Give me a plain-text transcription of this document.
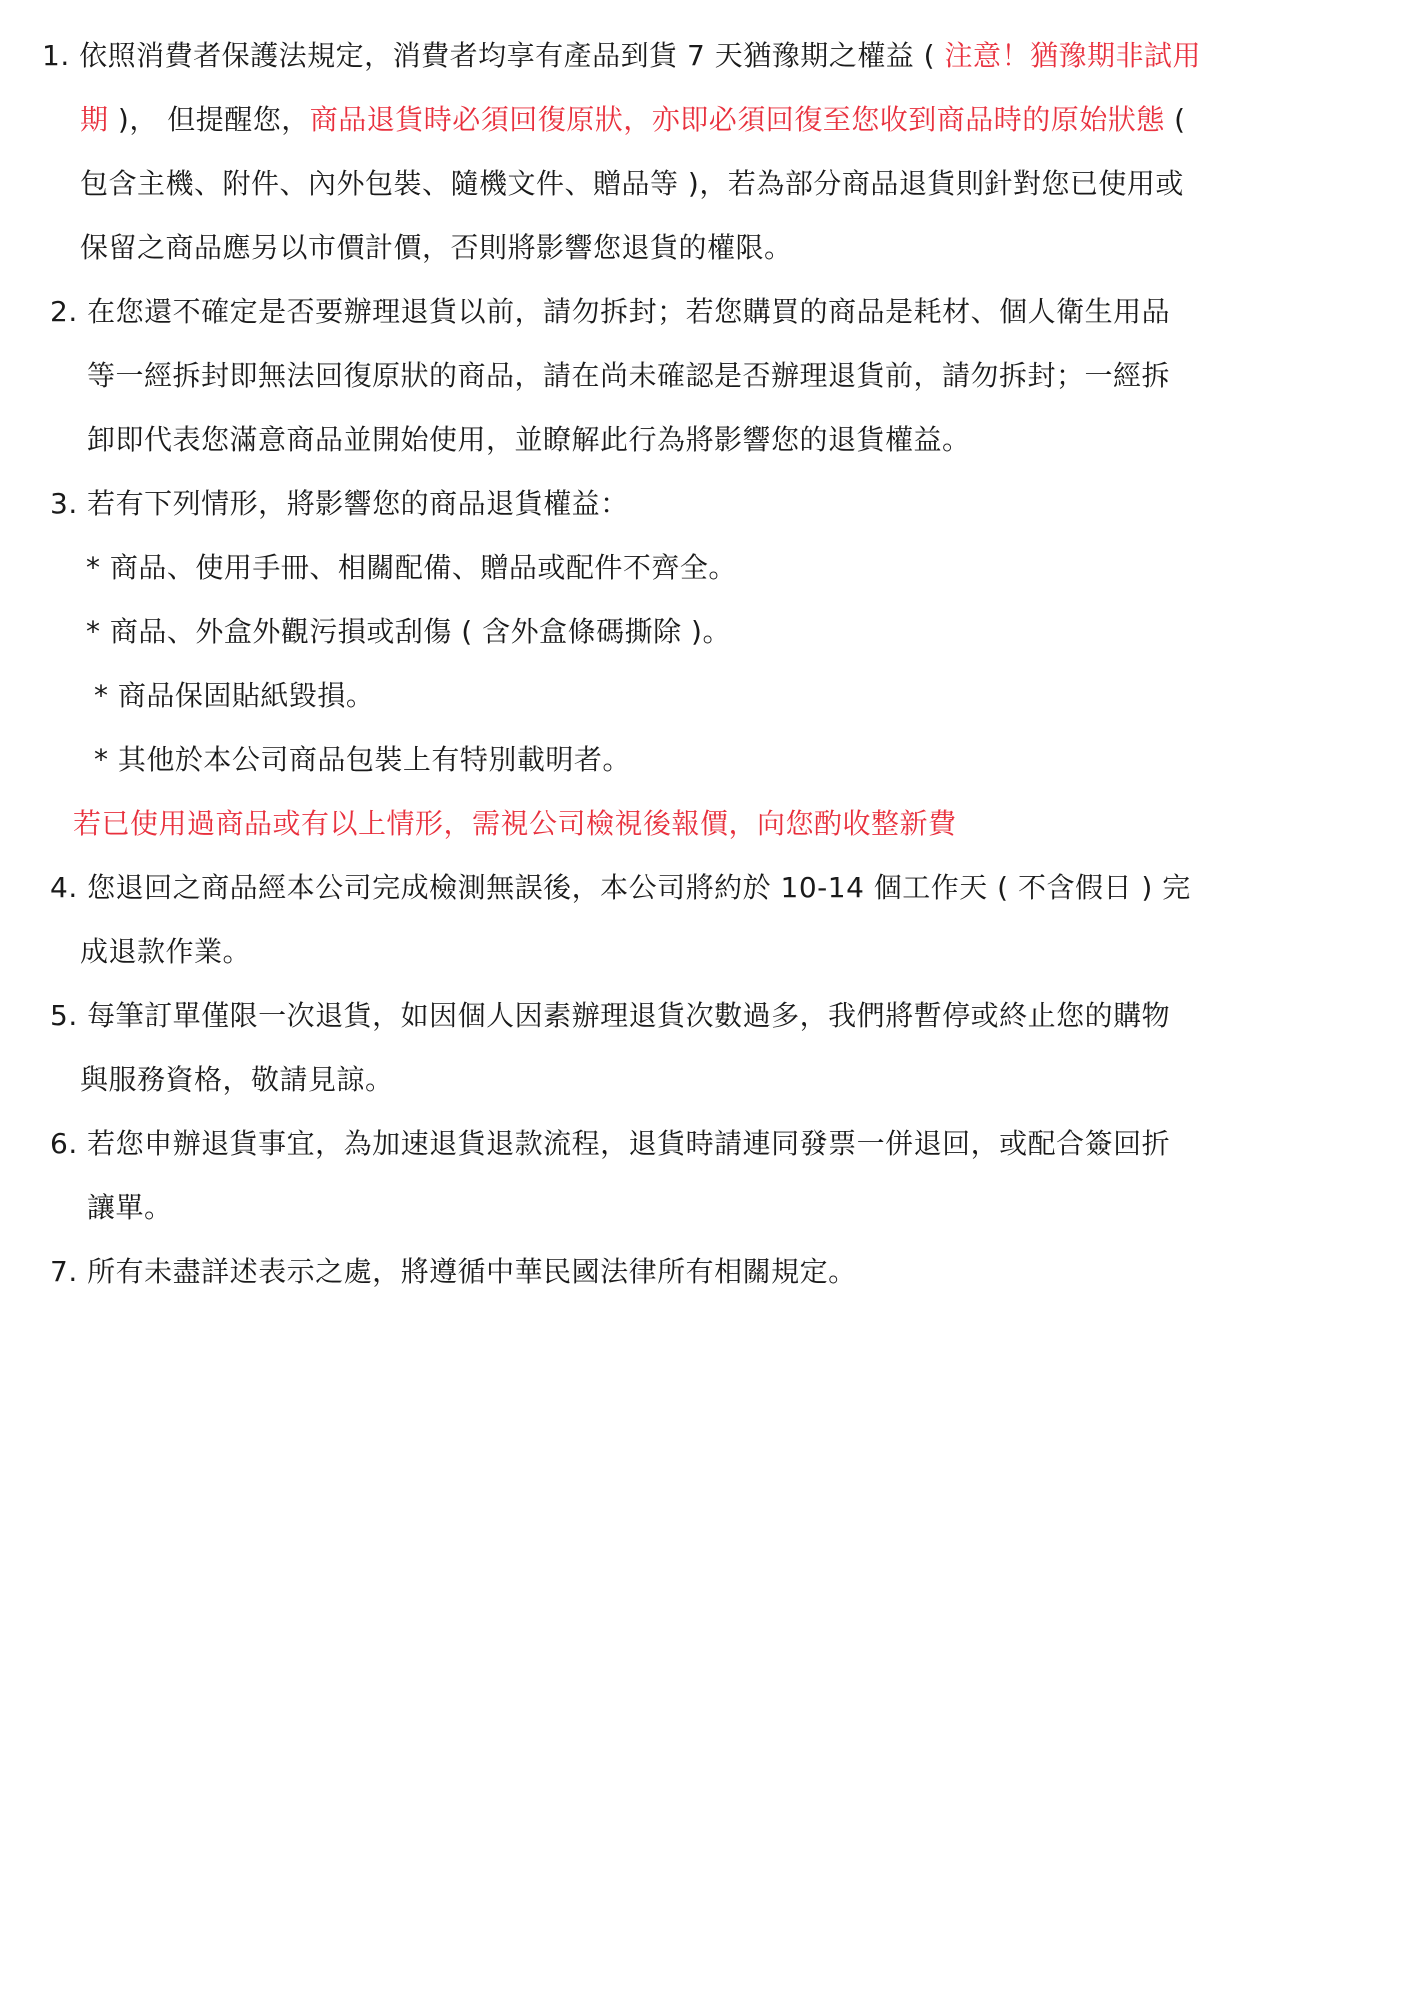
1. 依照消費者保護法規定，消費者均享有產品到貨 7 天猶豫期之權益 ( 注意！猶豫期非試用
期 )， 但提醒您，商品退貨時必須回復原狀，亦即必須回復至您收到商品時的原始狀態 (
包含主機、附件、內外包裝、隨機文件、贈品等 )，若為部分商品退貨則針對您已使用或
保留之商品應另以市價計價，否則將影響您退貨的權限。
2. 在您還不確定是否要辦理退貨以前，請勿拆封；若您購買的商品是耗材、個人衛生用品
等一經拆封即無法回復原狀的商品，請在尚未確認是否辦理退貨前，請勿拆封；一經拆
卸即代表您滿意商品並開始使用，並瞭解此行為將影響您的退貨權益。
3. 若有下列情形，將影響您的商品退貨權益：
* 商品、使用手冊、相關配備、贈品或配件不齊全。
* 商品、外盒外觀污損或刮傷 ( 含外盒條碼撕除 )。
* 商品保固貼紙毀損。
* 其他於本公司商品包裝上有特別載明者。
若已使用過商品或有以上情形，需視公司檢視後報價，向您酌收整新費
4. 您退回之商品經本公司完成檢測無誤後，本公司將約於 10-14 個工作天 ( 不含假日 ) 完
成退款作業。
5. 每筆訂單僅限一次退貨，如因個人因素辦理退貨次數過多，我們將暫停或終止您的購物
與服務資格，敬請見諒。
6. 若您申辦退貨事宜，為加速退貨退款流程，退貨時請連同發票一併退回，或配合簽回折
讓單。
7. 所有未盡詳述表示之處，將遵循中華民國法律所有相關規定。
